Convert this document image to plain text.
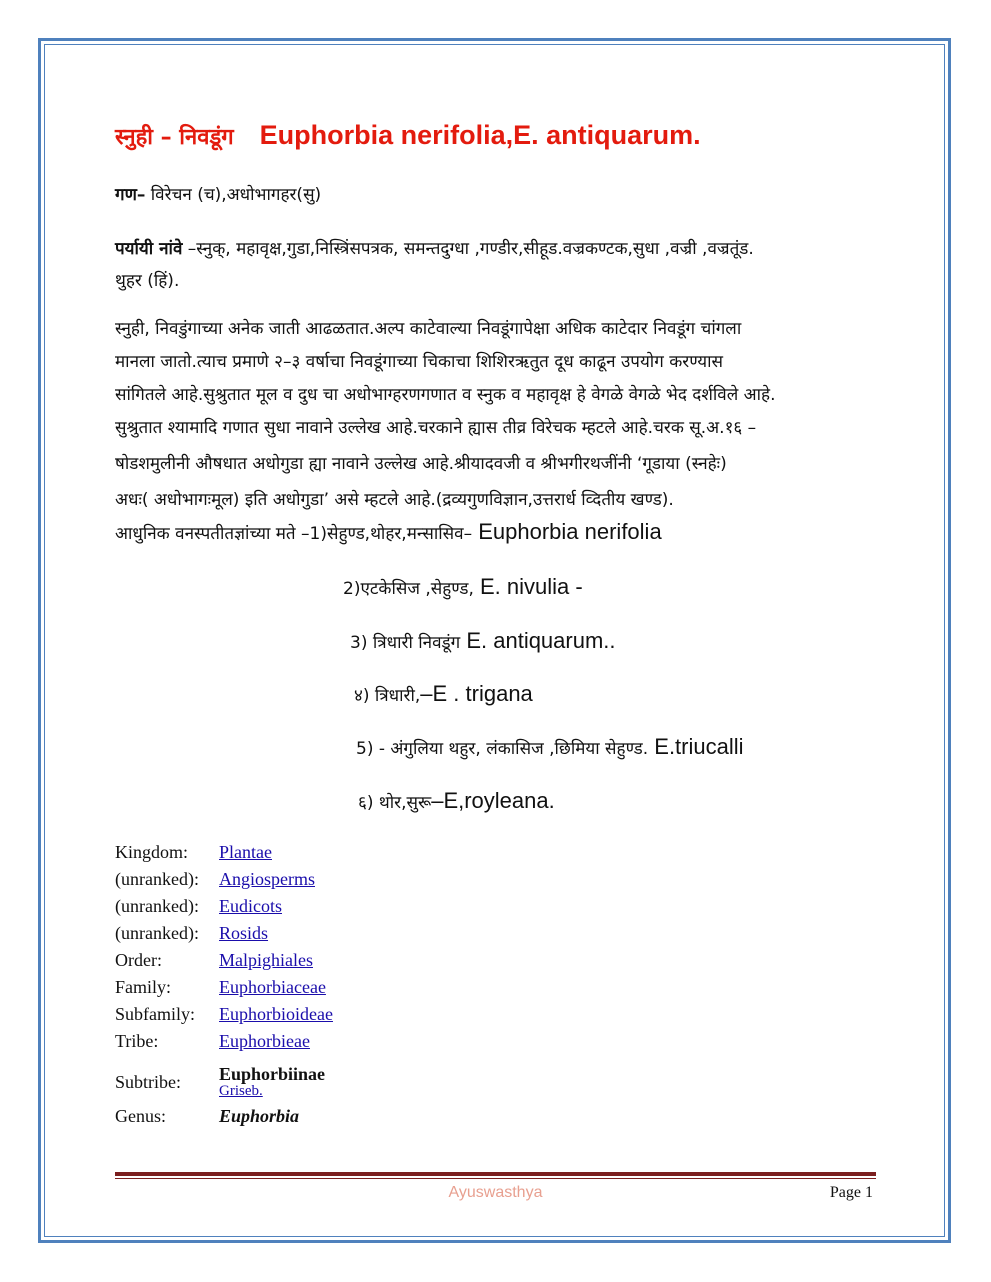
स्नुही – निवडूंग Euphorbia nerifolia,E. antiquarum.
गण– विरेचन (च),अधोभागहर(सु)
पर्यायी नांवे –स्नुक्, महावृक्ष,गुडा,निस्त्रिंसपत्रक, समन्तदुग्धा ,गण्डीर,सीहूड.वज्रकण्टक,सुधा ,वज्री ,वज्रतूंड.
थुहर (हिं).
स्नुही, निवडुंगाच्या अनेक जाती आढळतात.अल्प काटेवाल्या निवडूंगापेक्षा अधिक काटेदार निवडूंग चांगला
मानला जातो.त्याच प्रमाणे २–३ वर्षाचा निवडूंगाच्या चिकाचा शिशिरऋतुत दूध काढून उपयोग करण्यास
सांगितले आहे.सुश्रुतात मूल व दुध चा अधोभाग्हरणगणात व स्नुक व महावृक्ष हे वेगळे वेगळे भेद दर्शविले आहे.
सुश्रुतात श्यामादि गणात सुधा नावाने उल्लेख आहे.चरकाने ह्यास तीव्र विरेचक म्हटले आहे.चरक सू.अ.१६ –
षोडशमुलीनी औषधात अधोगुडा ह्या नावाने उल्लेख आहे.श्रीयादवजी व श्रीभगीरथजींनी ‘गूडाया (स्नहेः)
अधः( अधोभागःमूल) इति अधोगुडा’ असे म्हटले आहे.(द्रव्यगुणविज्ञान,उत्तरार्ध व्दितीय खण्ड).
आधुनिक वनस्पतीतज्ञांच्या मते –1)सेहुण्ड,थोहर,मन्सासिव– Euphorbia nerifolia
2)एटकेसिज ,सेहुण्ड, E. nivulia -
3) त्रिधारी निवडूंग E. antiquarum..
४) त्रिधारी,–E . trigana
5) - अंगुलिया थहुर, लंकासिज ,छिमिया सेहुण्ड. E.triucalli
६) थोर,सुरू–E,royleana.
Kingdom:	Plantae
(unranked):	Angiosperms
(unranked):	Eudicots
(unranked):	Rosids
Order:	Malpighiales
Family:	Euphorbiaceae
Subfamily:	Euphorbioideae
Tribe:	Euphorbieae
Subtribe:	Euphorbiinae
Griseb.
Genus:	Euphorbia
Ayuswasthya	Page 1
